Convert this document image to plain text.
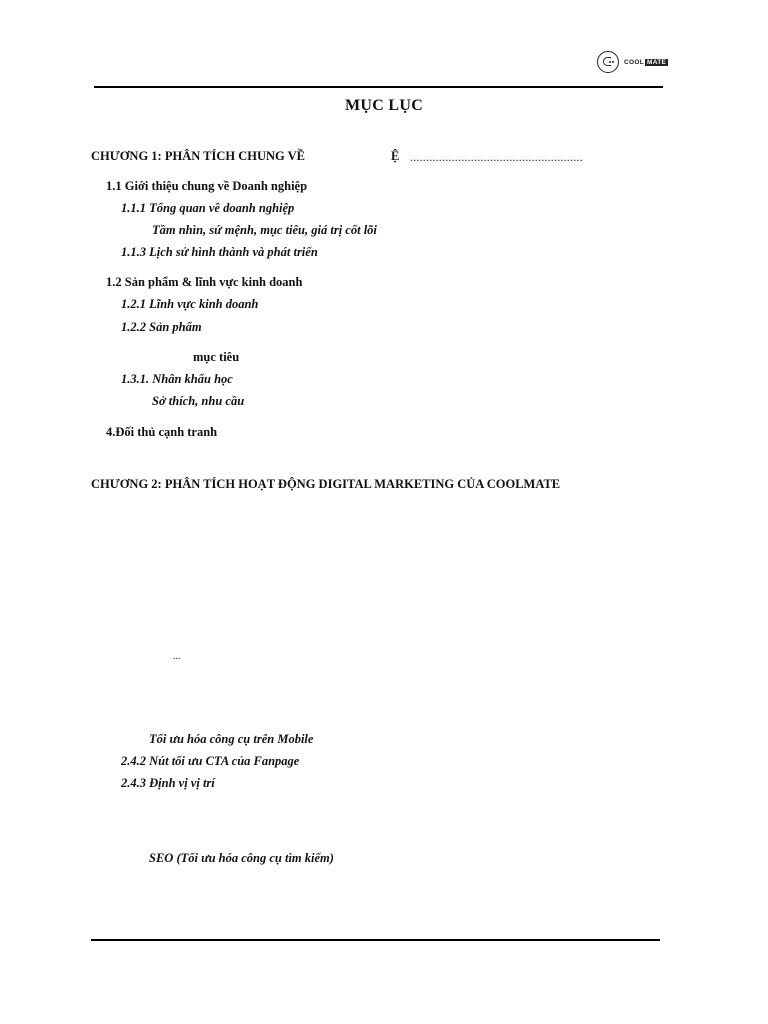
COOL MATE
MỤC LỤC
CHƯƠNG 1: PHÂN TÍCH CHUNG VỀ	Ệ ......................................................
1.1 Giới thiệu chung về Doanh nghiệp
1.1.1 Tổng quan về doanh nghiệp
Tầm nhìn, sứ mệnh, mục tiêu, giá trị cốt lõi
1.1.3 Lịch sử hình thành và phát triển
1.2 Sản phẩm & lĩnh vực kinh doanh
1.2.1 Lĩnh vực kinh doanh
1.2.2 Sản phẩm
mục tiêu
1.3.1. Nhân khẩu học
Sở thích, nhu cầu
4.Đối thủ cạnh tranh
CHƯƠNG 2: PHÂN TÍCH HOẠT ĐỘNG DIGITAL MARKETING CỦA COOLMATE
...
Tối ưu hóa công cụ trên Mobile
2.4.2 Nút tối ưu CTA của Fanpage
2.4.3 Định vị vị trí
SEO (Tối ưu hóa công cụ tìm kiếm)
